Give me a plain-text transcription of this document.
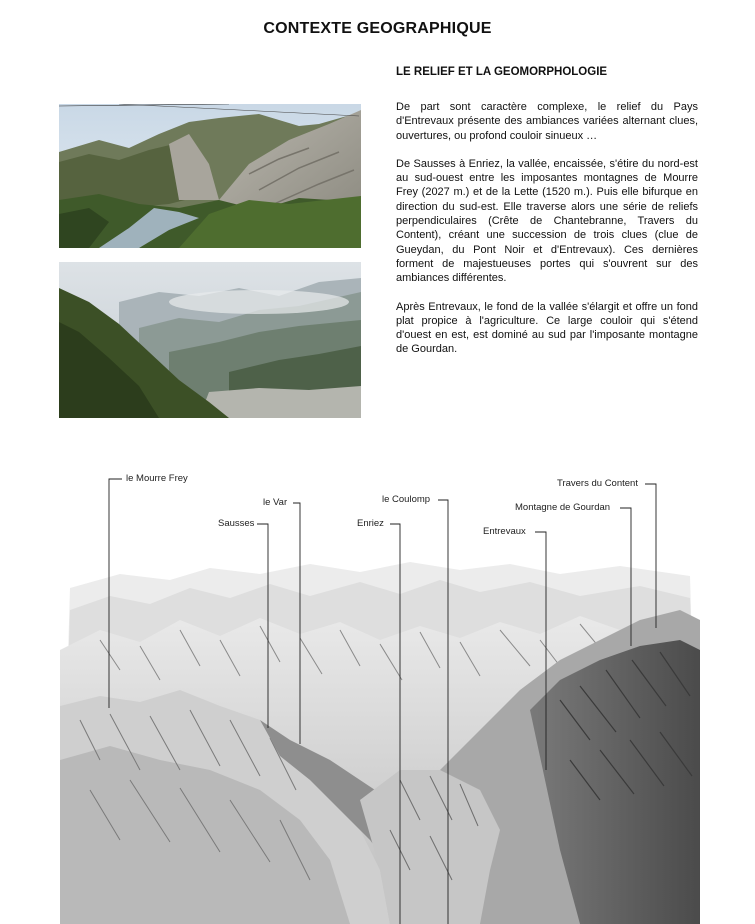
CONTEXTE GEOGRAPHIQUE
LE RELIEF ET LA GEOMORPHOLOGIE

De part sont caractère complexe, le relief du Pays d'Entrevaux présente des ambiances variées alternant clues, ouvertures, ou profond couloir sinueux …

De Sausses à Enriez, la vallée, encaissée, s'étire du nord-est au sud-ouest entre les imposantes montagnes de Mourre Frey (2027 m.) et de la Lette (1520 m.). Puis elle bifurque en direction du sud-est. Elle traverse alors une série de reliefs perpendiculaires (Crête de Chantebranne, Travers du Content), créant une succession de trois clues (clue de Gueydan, du Pont Noir et d'Entrevaux). Ces dernières forment de majestueuses portes qui s'ouvrent sur des ambiances différentes.

Après Entrevaux, le fond de la vallée s'élargit et offre un fond plat propice à l'agriculture. Ce large couloir qui s'étend d'ouest en est, est dominé au sud par l'imposante montagne de Gourdan.

le Mourre Frey
le Var
Sausses
le Coulomp
Enriez
Travers du Content
Montagne de Gourdan
Entrevaux
